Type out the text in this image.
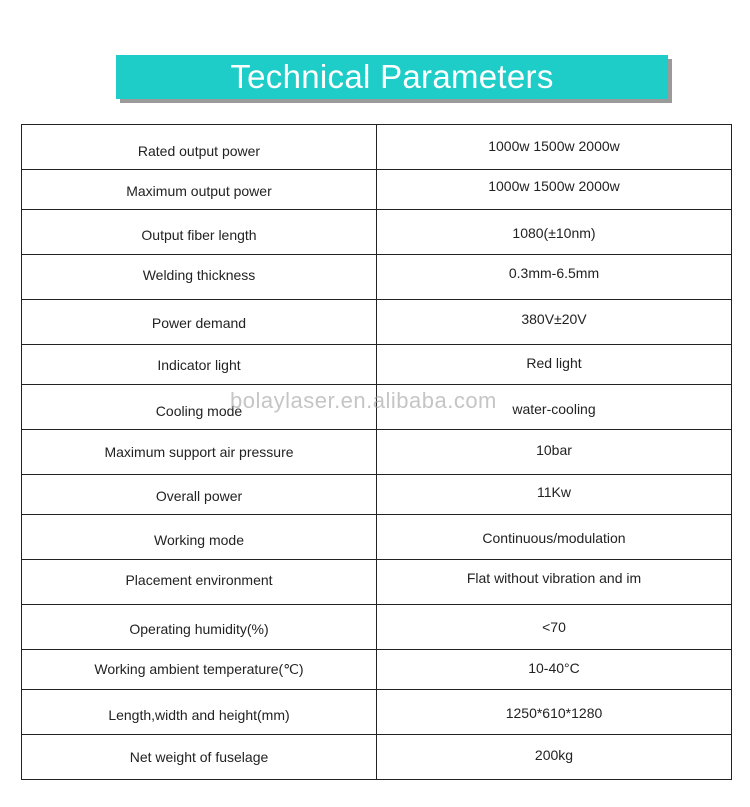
Technical Parameters
Rated output power	1000w 1500w 2000w
Maximum output power	1000w 1500w 2000w
Output fiber length	1080(±10nm)
Welding thickness	0.3mm-6.5mm
Power demand	380V±20V
Indicator light	Red light
Cooling mode	water-cooling
Maximum support air pressure	10bar
Overall power	11Kw
Working mode	Continuous/modulation
Placement environment	Flat without vibration and im
Operating humidity(%)	<70
Working ambient temperature(℃)	10-40°C
Length,width and height(mm)	1250*610*1280
Net weight of fuselage	200kg
bolaylaser.en.alibaba.com
